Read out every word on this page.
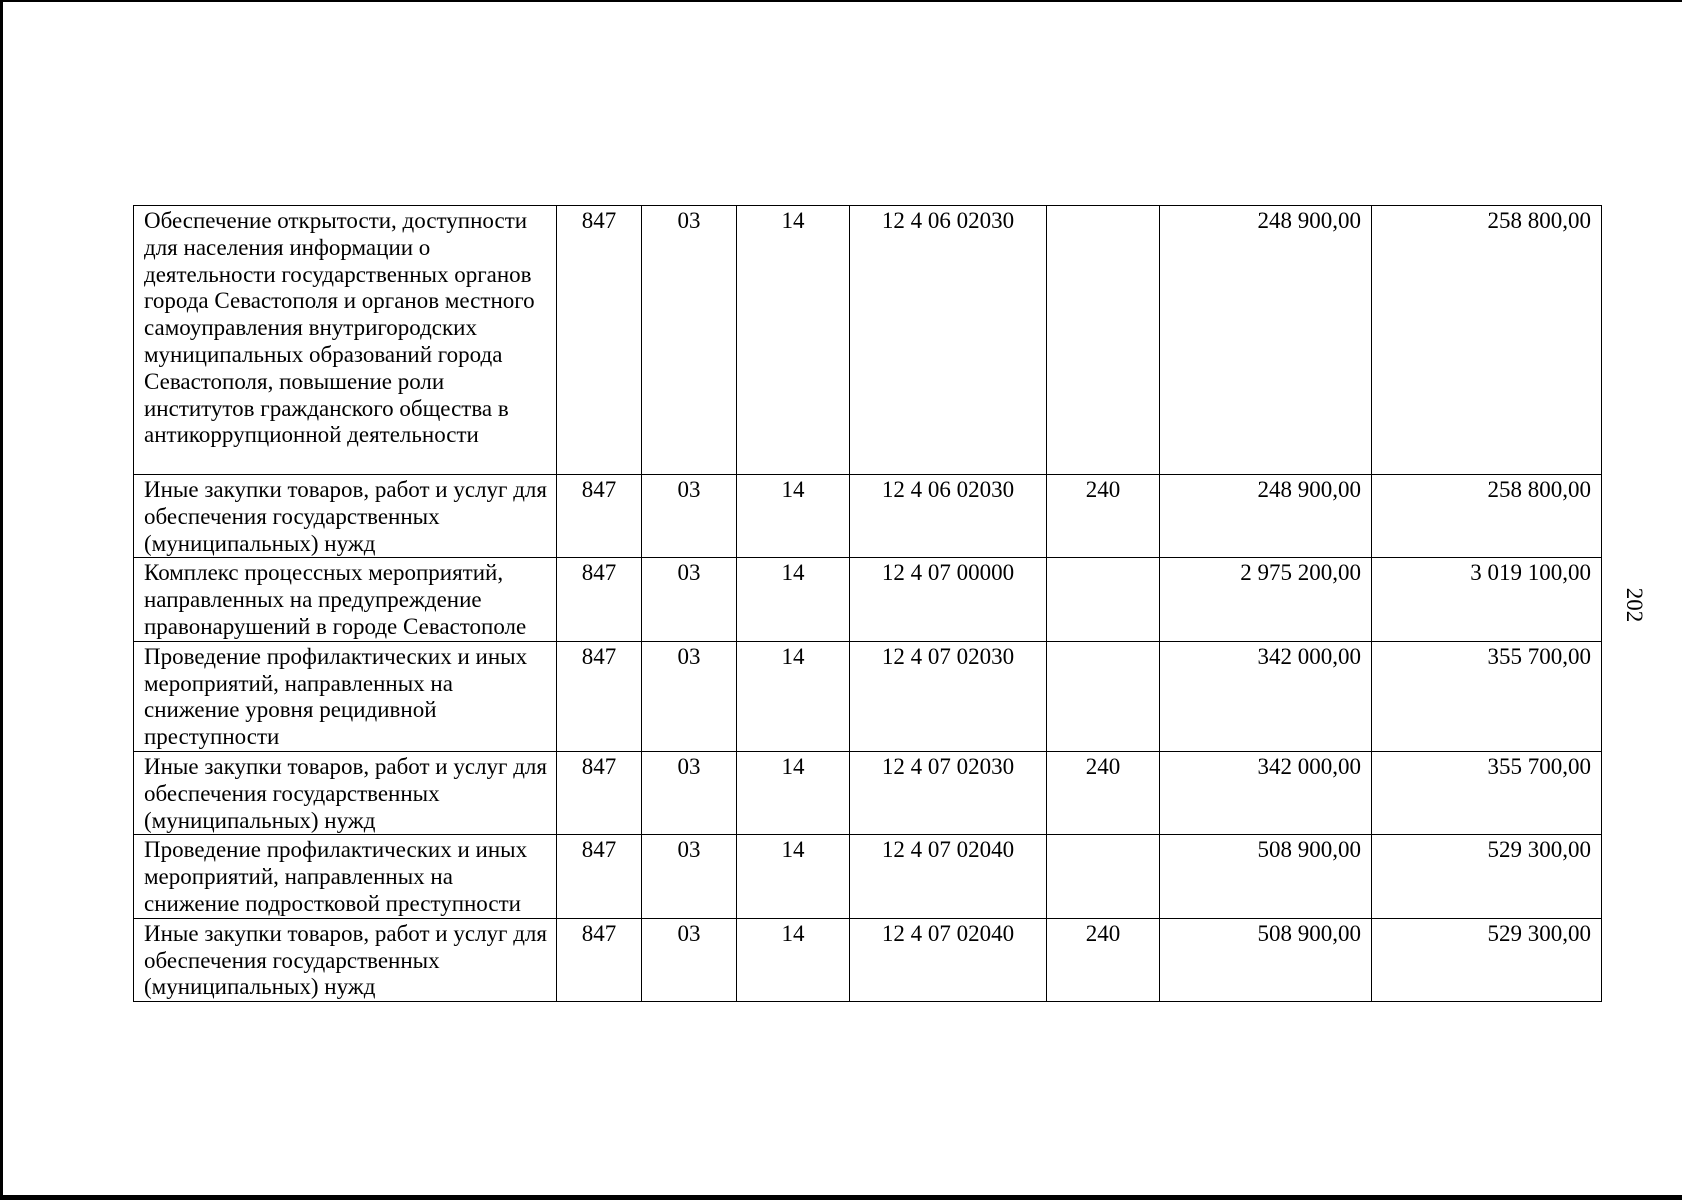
Обеспечение открытости, доступности для населения информации о деятельности государственных органов города Севастополя и органов местного самоуправления внутригородских муниципальных образований города Севастополя, повышение роли институтов гражданского общества в антикоррупционной деятельности	847	03	14	12 4 06 02030		248 900,00	258 800,00
Иные закупки товаров, работ и услуг для обеспечения государственных (муниципальных) нужд	847	03	14	12 4 06 02030	240	248 900,00	258 800,00
Комплекс процессных мероприятий, направленных на предупреждение правонарушений в городе Севастополе	847	03	14	12 4 07 00000		2 975 200,00	3 019 100,00
Проведение профилактических и иных мероприятий, направленных на снижение уровня рецидивной преступности	847	03	14	12 4 07 02030		342 000,00	355 700,00
Иные закупки товаров, работ и услуг для обеспечения государственных (муниципальных) нужд	847	03	14	12 4 07 02030	240	342 000,00	355 700,00
Проведение профилактических и иных мероприятий, направленных на снижение подростковой преступности	847	03	14	12 4 07 02040		508 900,00	529 300,00
Иные закупки товаров, работ и услуг для обеспечения государственных (муниципальных) нужд	847	03	14	12 4 07 02040	240	508 900,00	529 300,00
202
